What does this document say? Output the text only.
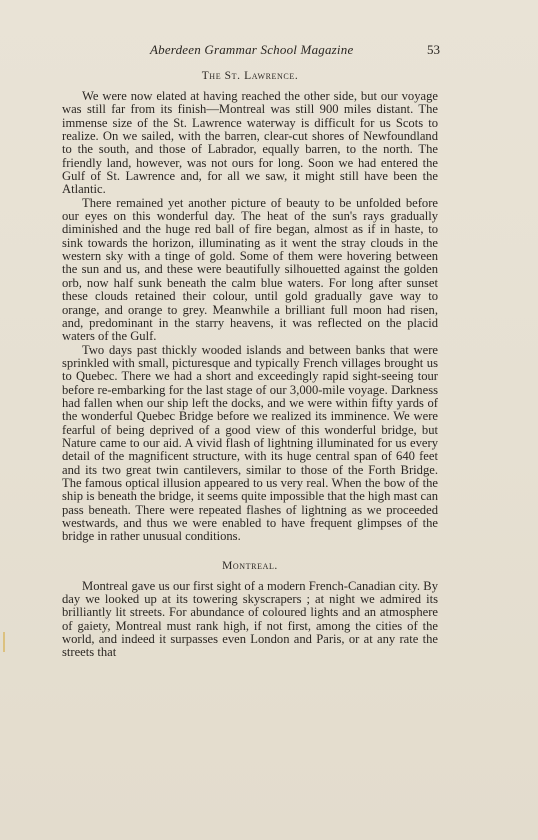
Aberdeen Grammar School Magazine	53
The St. Lawrence.

We were now elated at having reached the other side, but our voyage was still far from its finish—Montreal was still 900 miles distant. The immense size of the St. Lawrence waterway is difficult for us Scots to realize. On we sailed, with the barren, clear-cut shores of Newfoundland to the south, and those of Labrador, equally barren, to the north. The friendly land, however, was not ours for long. Soon we had entered the Gulf of St. Lawrence and, for all we saw, it might still have been the Atlantic.

There remained yet another picture of beauty to be unfolded before our eyes on this wonderful day. The heat of the sun's rays gradually diminished and the huge red ball of fire began, almost as if in haste, to sink towards the horizon, illuminating as it went the stray clouds in the western sky with a tinge of gold. Some of them were hovering between the sun and us, and these were beautifully silhouetted against the golden orb, now half sunk beneath the calm blue waters. For long after sunset these clouds retained their colour, until gold gradually gave way to orange, and orange to grey. Meanwhile a brilliant full moon had risen, and, predominant in the starry heavens, it was reflected on the placid waters of the Gulf.

Two days past thickly wooded islands and between banks that were sprinkled with small, picturesque and typically French villages brought us to Quebec. There we had a short and exceedingly rapid sight-seeing tour before re-embarking for the last stage of our 3,000-mile voyage. Darkness had fallen when our ship left the docks, and we were within fifty yards of the wonderful Quebec Bridge before we realized its imminence. We were fearful of being deprived of a good view of this wonderful bridge, but Nature came to our aid. A vivid flash of lightning illuminated for us every detail of the magnificent structure, with its huge central span of 640 feet and its two great twin cantilevers, similar to those of the Forth Bridge. The famous optical illusion appeared to us very real. When the bow of the ship is beneath the bridge, it seems quite impossible that the high mast can pass beneath. There were repeated flashes of lightning as we proceeded westwards, and thus we were enabled to have frequent glimpses of the bridge in rather unusual conditions.

Montreal.

Montreal gave us our first sight of a modern French-Canadian city. By day we looked up at its towering skyscrapers ; at night we admired its brilliantly lit streets. For abundance of coloured lights and an atmosphere of gaiety, Montreal must rank high, if not first, among the cities of the world, and indeed it surpasses even London and Paris, or at any rate the streets that
